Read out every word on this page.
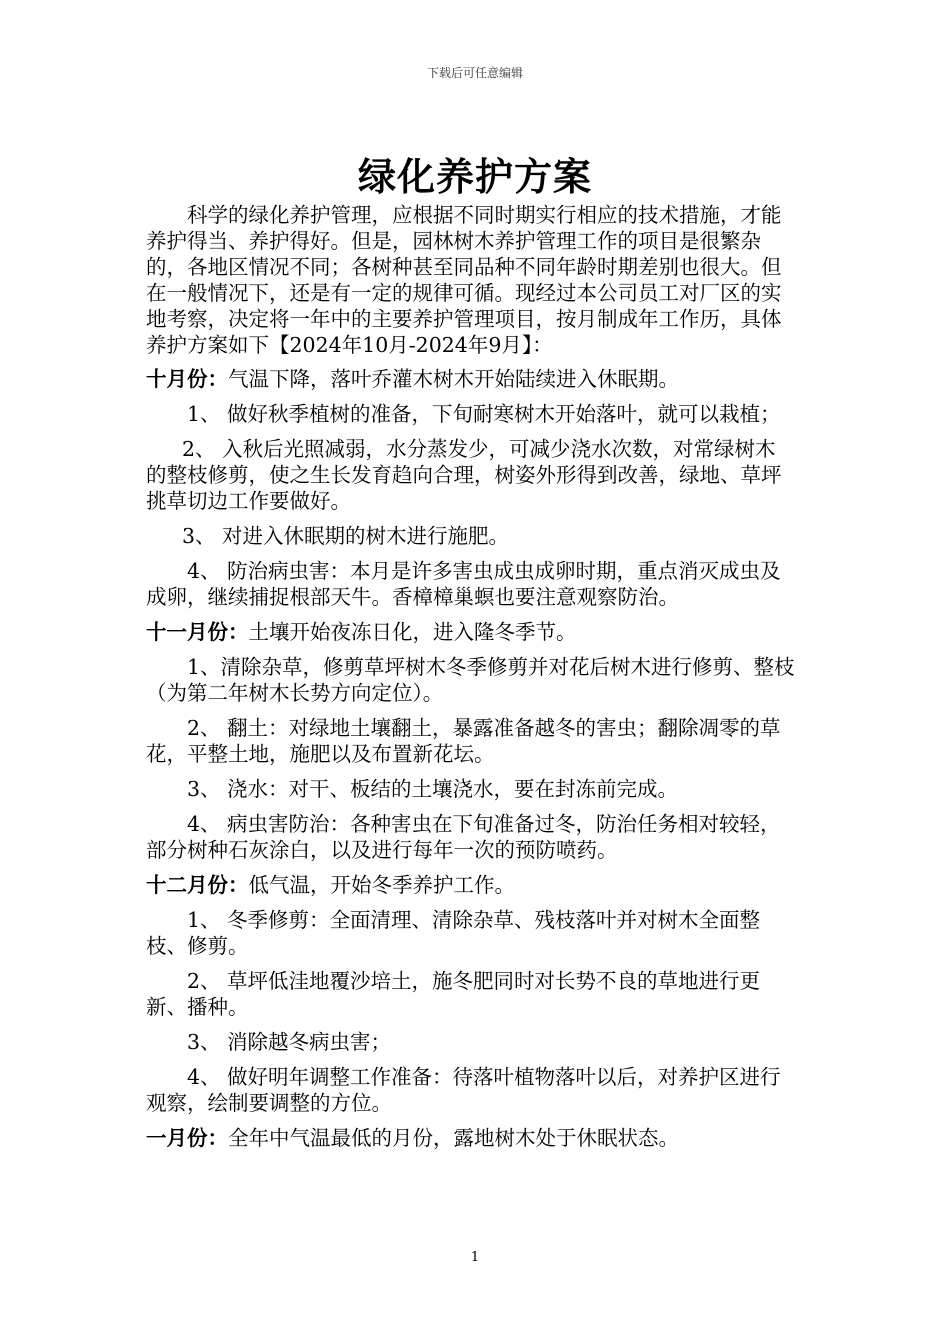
下载后可任意编辑
绿化养护方案

科学的绿化养护管理，应根据不同时期实行相应的技术措施，才能养护得当、养护得好。但是，园林树木养护管理工作的项目是很繁杂的，各地区情况不同；各树种甚至同品种不同年龄时期差别也很大。但在一般情况下，还是有一定的规律可循。现经过本公司员工对厂区的实地考察，决定将一年中的主要养护管理项目，按月制成年工作历，具体养护方案如下【2024年10月-2024年9月】：

十月份：气温下降，落叶乔灌木树木开始陆续进入休眠期。

1、 做好秋季植树的准备，下旬耐寒树木开始落叶，就可以栽植；

2、 入秋后光照减弱，水分蒸发少，可减少浇水次数，对常绿树木的整枝修剪，使之生长发育趋向合理，树姿外形得到改善，绿地、草坪挑草切边工作要做好。

3、 对进入休眠期的树木进行施肥。

4、 防治病虫害：本月是许多害虫成虫成卵时期，重点消灭成虫及成卵，继续捕捉根部天牛。香樟樟巢螟也要注意观察防治。

十一月份：土壤开始夜冻日化，进入隆冬季节。

1、清除杂草，修剪草坪树木冬季修剪并对花后树木进行修剪、整枝（为第二年树木长势方向定位）。

2、 翻土：对绿地土壤翻土，暴露准备越冬的害虫；翻除凋零的草花，平整土地，施肥以及布置新花坛。

3、 浇水：对干、板结的土壤浇水，要在封冻前完成。

4、 病虫害防治：各种害虫在下旬准备过冬，防治任务相对较轻，部分树种石灰涂白，以及进行每年一次的预防喷药。

十二月份：低气温，开始冬季养护工作。

1、 冬季修剪：全面清理、清除杂草、残枝落叶并对树木全面整枝、修剪。

2、 草坪低洼地覆沙培土，施冬肥同时对长势不良的草地进行更新、播种。

3、 消除越冬病虫害；

4、 做好明年调整工作准备：待落叶植物落叶以后，对养护区进行观察，绘制要调整的方位。

一月份：全年中气温最低的月份，露地树木处于休眠状态。

1
